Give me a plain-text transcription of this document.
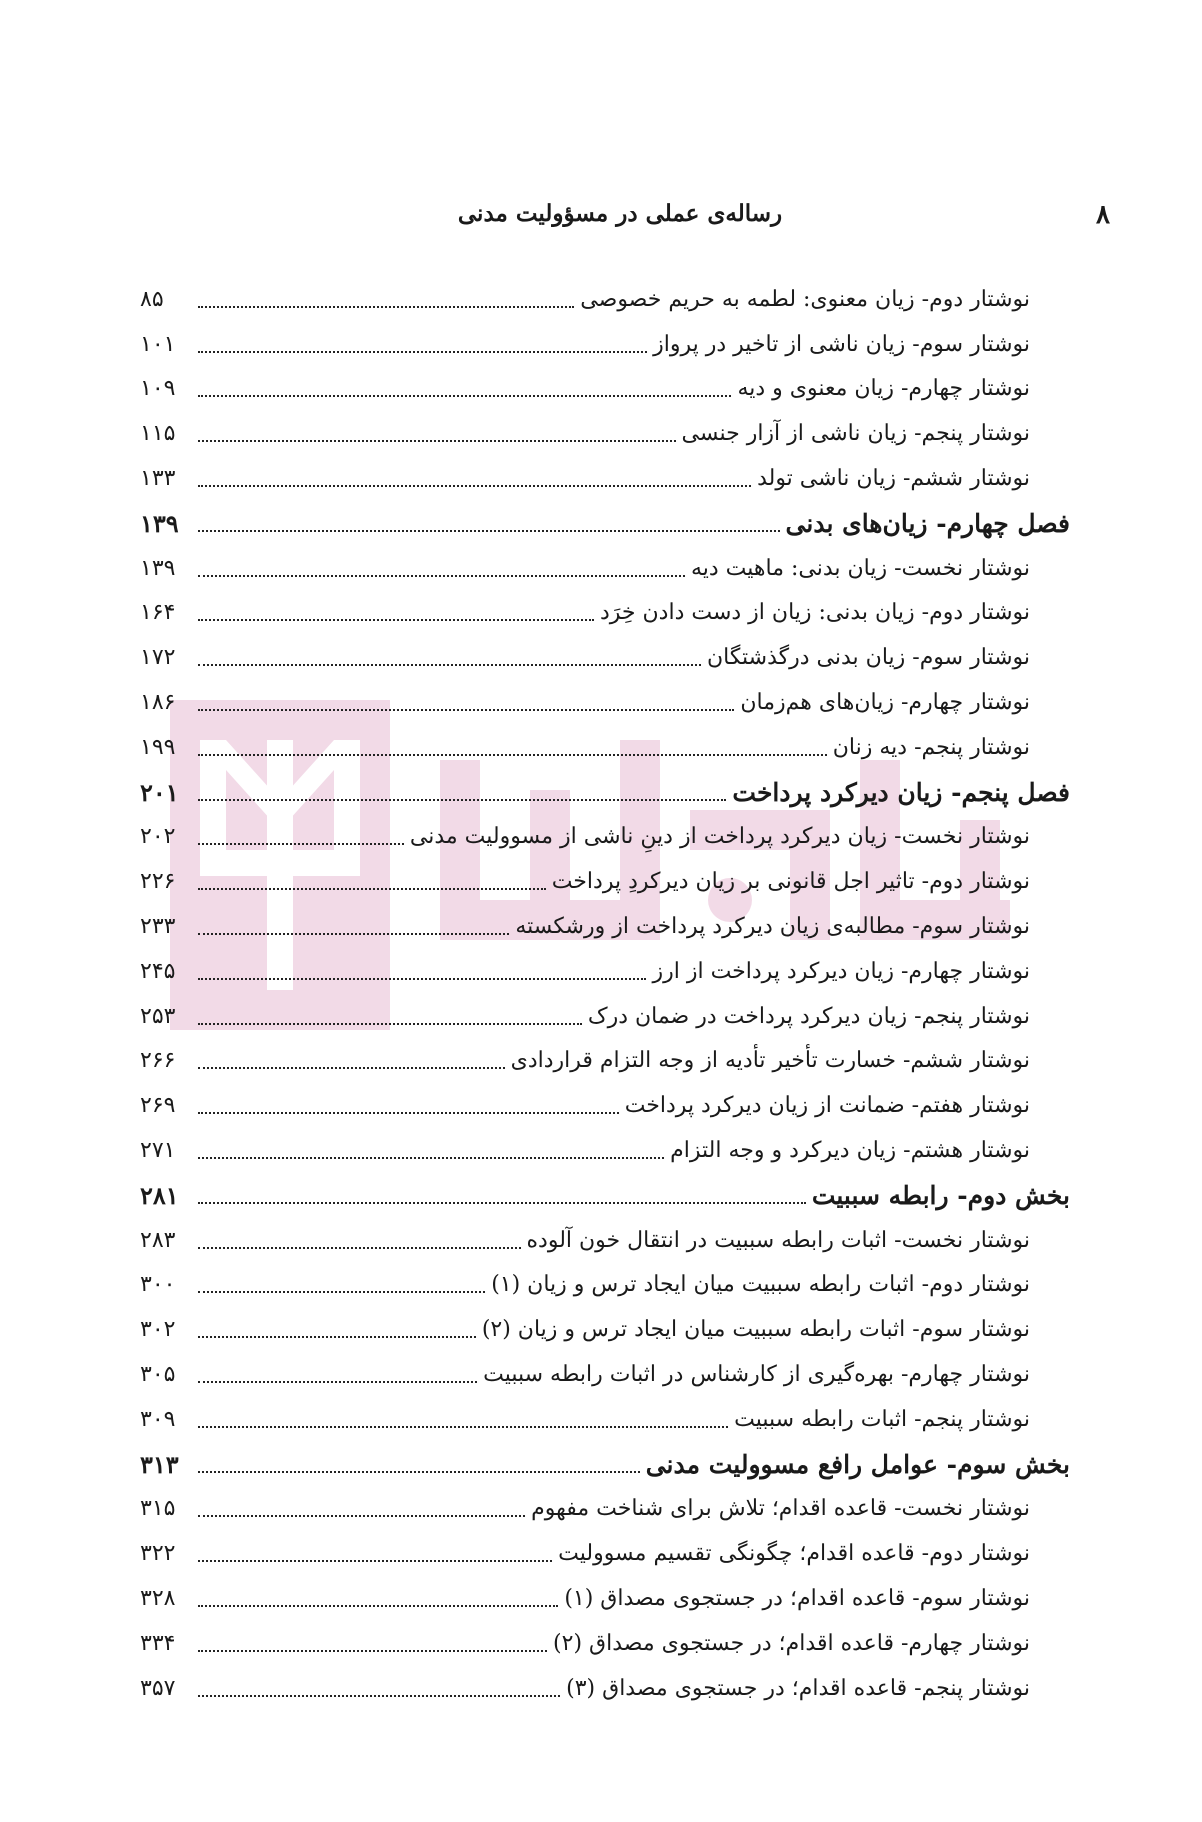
۸
رساله‌ی عملی در مسؤولیت مدنی
نوشتار دوم- زیان معنوی: لطمه به حریم خصوصی
۸۵
نوشتار سوم- زیان ناشی از تاخیر در پرواز
۱۰۱
نوشتار چهارم- زیان معنوی و دیه
۱۰۹
نوشتار پنجم- زیان ناشی از آزار جنسی
۱۱۵
نوشتار ششم- زیان ناشی تولد
۱۳۳
فصل چهارم- زیان‌های بدنی
۱۳۹
نوشتار نخست- زیان بدنی: ماهیت دیه
۱۳۹
نوشتار دوم- زیان بدنی: زیان از دست دادن خِرَد
۱۶۴
نوشتار سوم- زیان بدنی درگذشتگان
۱۷۲
نوشتار چهارم- زیان‌های هم‌زمان
۱۸۶
نوشتار پنجم- دیه زنان
۱۹۹
فصل پنجم- زیان دیرکرد پرداخت
۲۰۱
نوشتار نخست- زیان دیرکرد پرداخت از دینِ ناشی از مسوولیت مدنی
۲۰۲
نوشتار دوم- تاثیر اجل قانونی بر زیان دیرکردِ پرداخت
۲۲۶
نوشتار سوم- مطالبه‌ی زیان دیرکرد پرداخت از ورشکسته
۲۳۳
نوشتار چهارم- زیان دیرکرد پرداخت از ارز
۲۴۵
نوشتار پنجم- زیان دیرکرد پرداخت در ضمان درک
۲۵۳
نوشتار ششم- خسارت تأخیر تأدیه از وجه التزام قراردادی
۲۶۶
نوشتار هفتم- ضمانت از زیان دیرکرد پرداخت
۲۶۹
نوشتار هشتم- زیان دیرکرد و وجه التزام
۲۷۱
بخش دوم- رابطه سببیت
۲۸۱
نوشتار نخست- اثبات رابطه سببیت در انتقال خون آلوده
۲۸۳
نوشتار دوم- اثبات رابطه سببیت میان ایجاد ترس و زیان (۱)
۳۰۰
نوشتار سوم- اثبات رابطه سببیت میان ایجاد ترس و زیان (۲)
۳۰۲
نوشتار چهارم- بهره‌گیری از کارشناس در اثبات رابطه سببیت
۳۰۵
نوشتار پنجم- اثبات رابطه سببیت
۳۰۹
بخش سوم- عوامل رافع مسوولیت مدنی
۳۱۳
نوشتار نخست- قاعده اقدام؛ تلاش برای شناخت مفهوم
۳۱۵
نوشتار دوم- قاعده اقدام؛ چگونگی تقسیم مسوولیت
۳۲۲
نوشتار سوم- قاعده اقدام؛ در جستجوی مصداق (۱)
۳۲۸
نوشتار چهارم- قاعده اقدام؛ در جستجوی مصداق (۲)
۳۳۴
نوشتار پنجم- قاعده اقدام؛ در جستجوی مصداق (۳)
۳۵۷
